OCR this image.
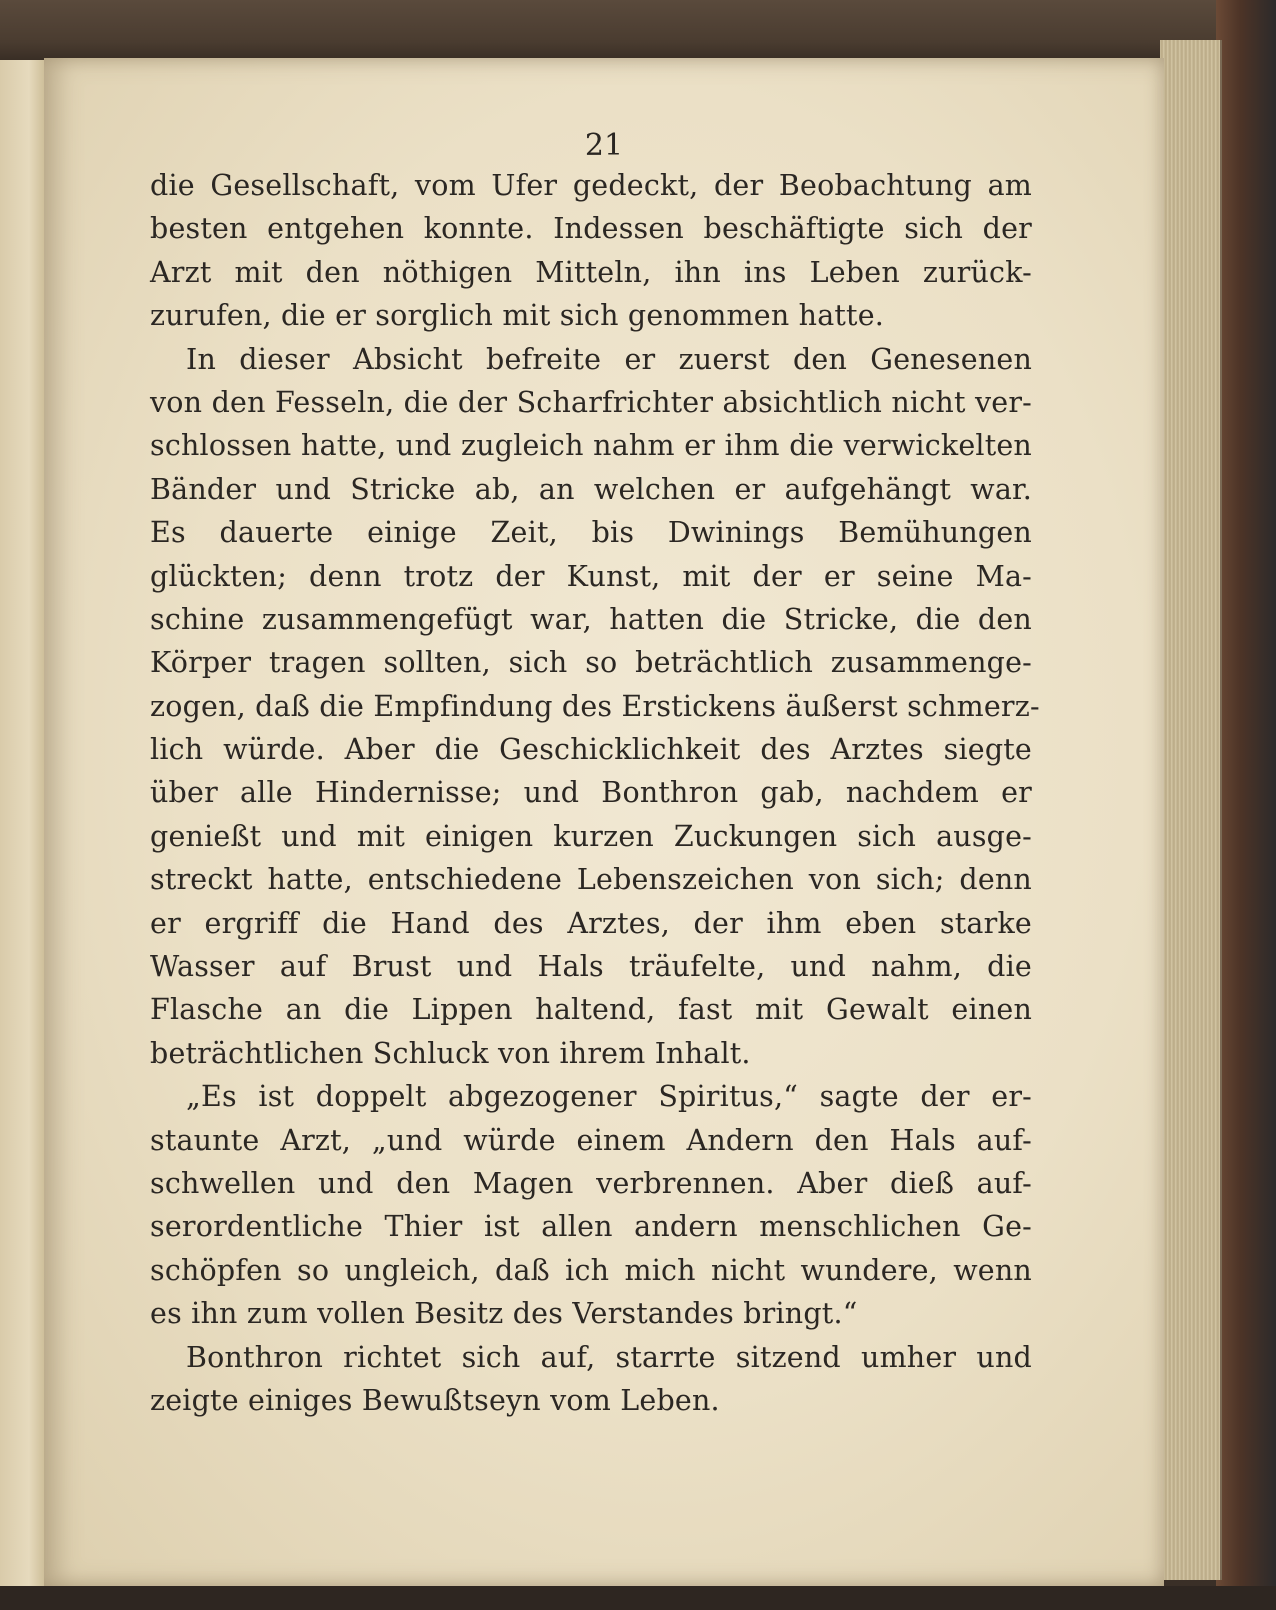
21
die Gesellschaft, vom Ufer gedeckt, der Beobachtung am
besten entgehen konnte. Indessen beschäftigte sich der
Arzt mit den nöthigen Mitteln, ihn ins Leben zurück-
zurufen, die er sorglich mit sich genommen hatte.
In dieser Absicht befreite er zuerst den Genesenen
von den Fesseln, die der Scharfrichter absichtlich nicht ver-
schlossen hatte, und zugleich nahm er ihm die verwickelten
Bänder und Stricke ab, an welchen er aufgehängt war.
Es dauerte einige Zeit, bis Dwinings Bemühungen
glückten; denn trotz der Kunst, mit der er seine Ma-
schine zusammengefügt war, hatten die Stricke, die den
Körper tragen sollten, sich so beträchtlich zusammenge-
zogen, daß die Empfindung des Erstickens äußerst schmerz-
lich würde. Aber die Geschicklichkeit des Arztes siegte
über alle Hindernisse; und Bonthron gab, nachdem er
genießt und mit einigen kurzen Zuckungen sich ausge-
streckt hatte, entschiedene Lebenszeichen von sich; denn
er ergriff die Hand des Arztes, der ihm eben starke
Wasser auf Brust und Hals träufelte, und nahm, die
Flasche an die Lippen haltend, fast mit Gewalt einen
beträchtlichen Schluck von ihrem Inhalt.
„Es ist doppelt abgezogener Spiritus,“ sagte der er-
staunte Arzt, „und würde einem Andern den Hals auf-
schwellen und den Magen verbrennen. Aber dieß auf-
serordentliche Thier ist allen andern menschlichen Ge-
schöpfen so ungleich, daß ich mich nicht wundere, wenn
es ihn zum vollen Besitz des Verstandes bringt.“
Bonthron richtet sich auf, starrte sitzend umher und
zeigte einiges Bewußtseyn vom Leben.
